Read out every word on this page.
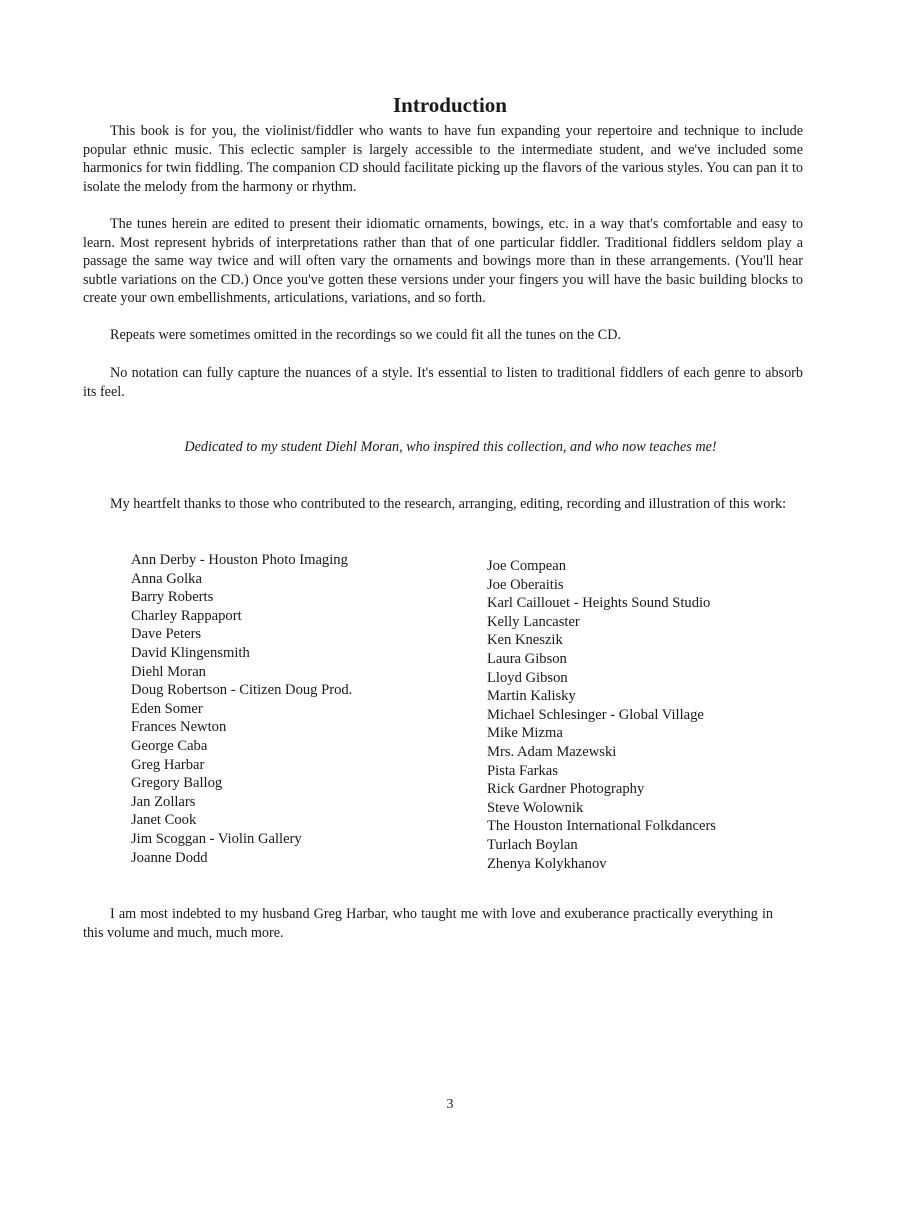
Introduction

This book is for you, the violinist/fiddler who wants to have fun expanding your repertoire and technique to include popular ethnic music. This eclectic sampler is largely accessible to the intermediate student, and we've included some harmonics for twin fiddling. The companion CD should facilitate picking up the flavors of the various styles. You can pan it to isolate the melody from the harmony or rhythm.

The tunes herein are edited to present their idiomatic ornaments, bowings, etc. in a way that's comfortable and easy to learn. Most represent hybrids of interpretations rather than that of one particular fiddler. Traditional fiddlers seldom play a passage the same way twice and will often vary the ornaments and bowings more than in these arrangements. (You'll hear subtle variations on the CD.) Once you've gotten these versions under your fingers you will have the basic building blocks to create your own embellishments, articulations, variations, and so forth.

Repeats were sometimes omitted in the recordings so we could fit all the tunes on the CD.

No notation can fully capture the nuances of a style. It's essential to listen to traditional fiddlers of each genre to absorb its feel.

Dedicated to my student Diehl Moran, who inspired this collection, and who now teaches me!

My heartfelt thanks to those who contributed to the research, arranging, editing, recording and illustration of this work:

Ann Derby - Houston Photo Imaging
Anna Golka
Barry Roberts
Charley Rappaport
Dave Peters
David Klingensmith
Diehl Moran
Doug Robertson - Citizen Doug Prod.
Eden Somer
Frances Newton
George Caba
Greg Harbar
Gregory Ballog
Jan Zollars
Janet Cook
Jim Scoggan - Violin Gallery
Joanne Dodd
Joe Compean
Joe Oberaitis
Karl Caillouet - Heights Sound Studio
Kelly Lancaster
Ken Kneszik
Laura Gibson
Lloyd Gibson
Martin Kalisky
Michael Schlesinger - Global Village
Mike Mizma
Mrs. Adam Mazewski
Pista Farkas
Rick Gardner Photography
Steve Wolownik
The Houston International Folkdancers
Turlach Boylan
Zhenya Kolykhanov

I am most indebted to my husband Greg Harbar, who taught me with love and exuberance practically everything in this volume and much, much more.

3
